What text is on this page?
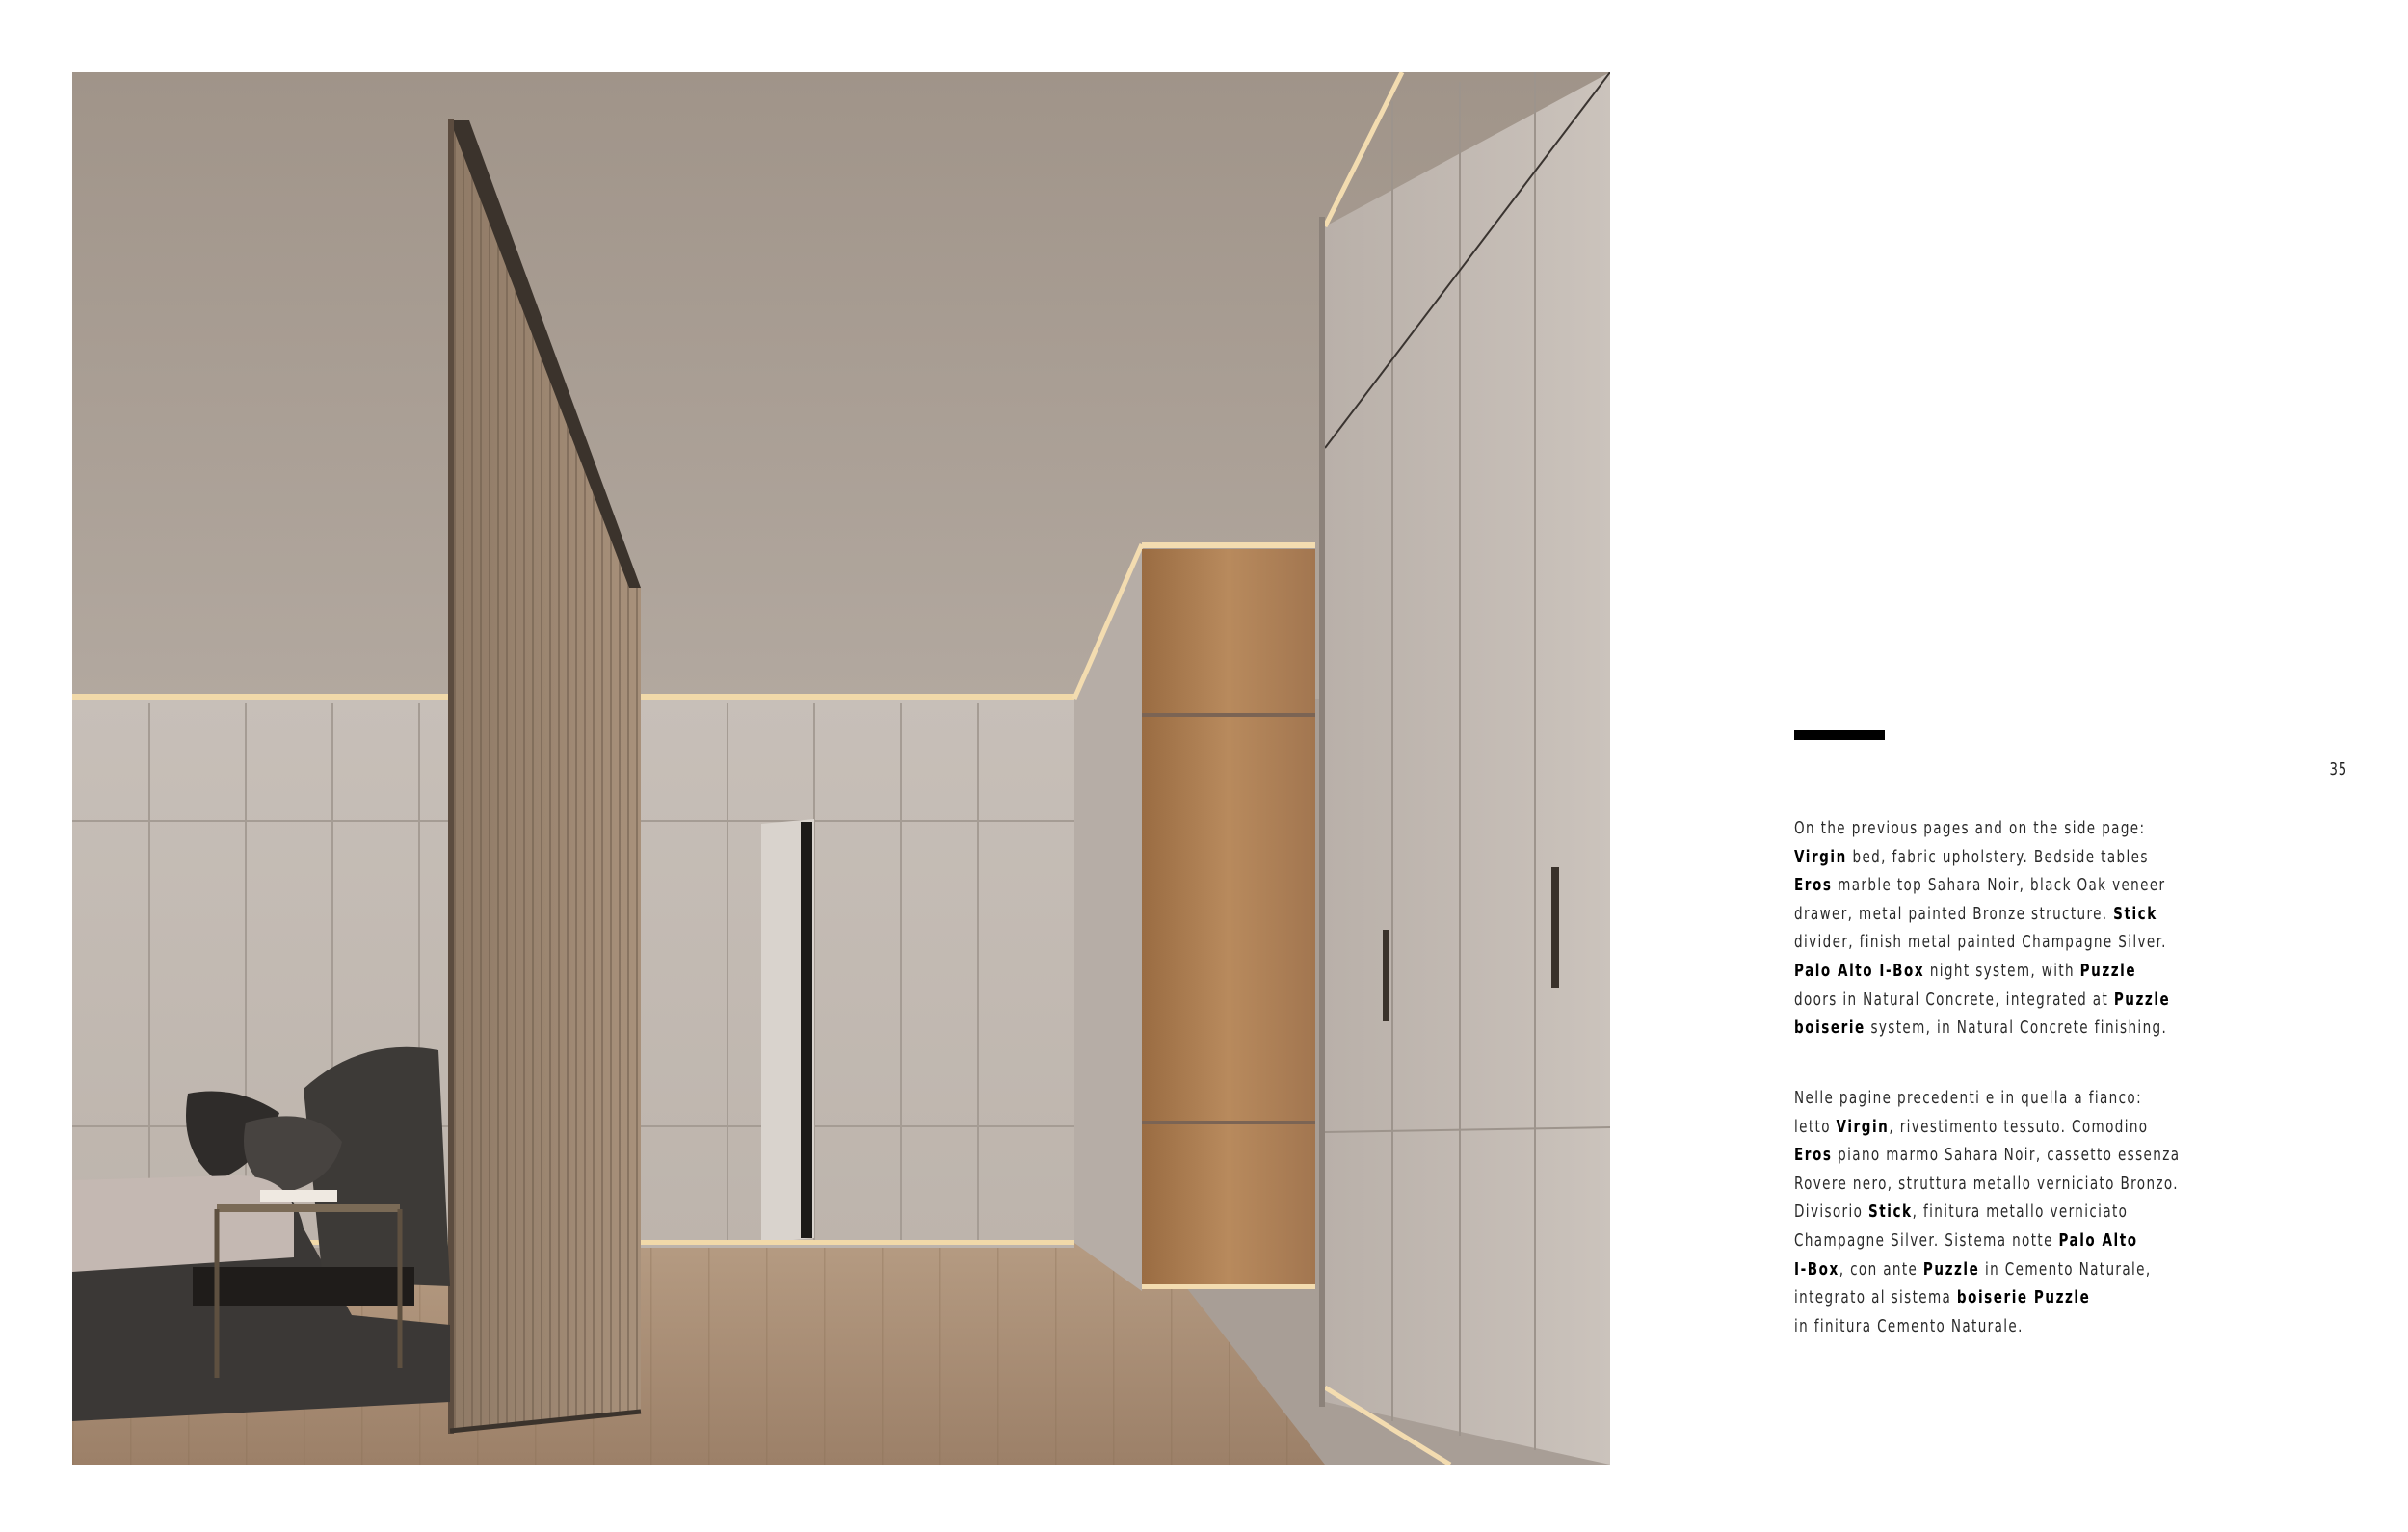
35

On the previous pages and on the side page:

Virgin bed, fabric upholstery. Bedside tables

Eros marble top Sahara Noir, black Oak veneer

drawer, metal painted Bronze structure. Stick

divider, finish metal painted Champagne Silver.

Palo Alto I-Box night system, with Puzzle

doors in Natural Concrete, integrated at Puzzle

boiserie system, in Natural Concrete finishing.

Nelle pagine precedenti e in quella a fianco:

letto Virgin, rivestimento tessuto. Comodino

Eros piano marmo Sahara Noir, cassetto essenza

Rovere nero, struttura metallo verniciato Bronzo.

Divisorio Stick, finitura metallo verniciato

Champagne Silver. Sistema notte Palo Alto

I-Box, con ante Puzzle in Cemento Naturale,

integrato al sistema boiserie Puzzle

in finitura Cemento Naturale.
